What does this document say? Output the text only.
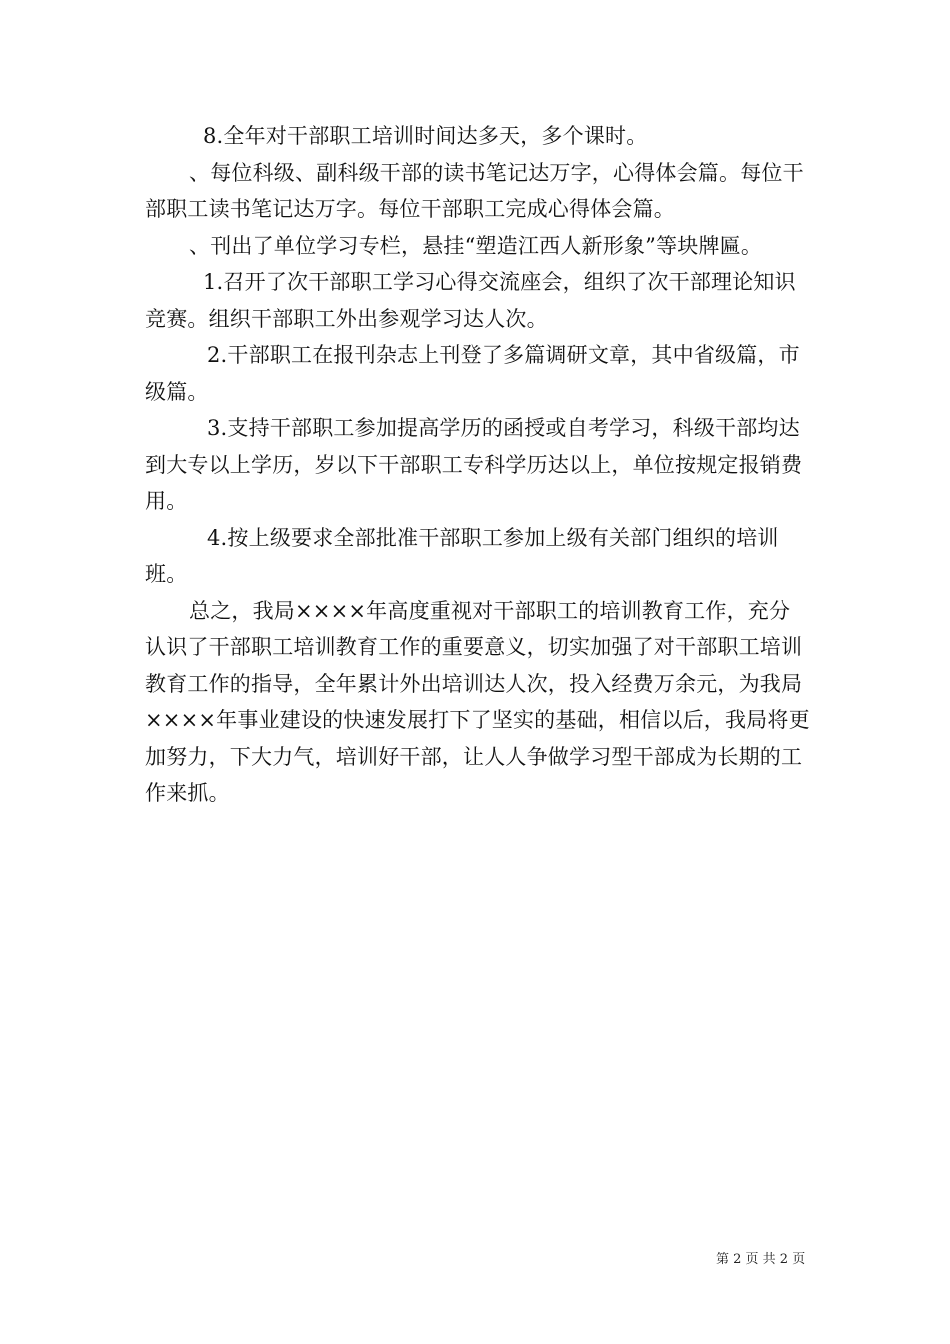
8.全年对干部职工培训时间达多天，多个课时。

、每位科级、副科级干部的读书笔记达万字，心得体会篇。每位干部职工读书笔记达万字。每位干部职工完成心得体会篇。

、刊出了单位学习专栏，悬挂“塑造江西人新形象”等块牌匾。

1.召开了次干部职工学习心得交流座会，组织了次干部理论知识竞赛。组织干部职工外出参观学习达人次。

2.干部职工在报刊杂志上刊登了多篇调研文章，其中省级篇，市级篇。

3.支持干部职工参加提高学历的函授或自考学习，科级干部均达到大专以上学历，岁以下干部职工专科学历达以上，单位按规定报销费用。

4.按上级要求全部批准干部职工参加上级有关部门组织的培训班。

总之，我局××××年高度重视对干部职工的培训教育工作，充分认识了干部职工培训教育工作的重要意义，切实加强了对干部职工培训教育工作的指导，全年累计外出培训达人次，投入经费万余元，为我局××××年事业建设的快速发展打下了坚实的基础，相信以后，我局将更加努力，下大力气，培训好干部，让人人争做学习型干部成为长期的工作来抓。

第 2 页 共 2 页
